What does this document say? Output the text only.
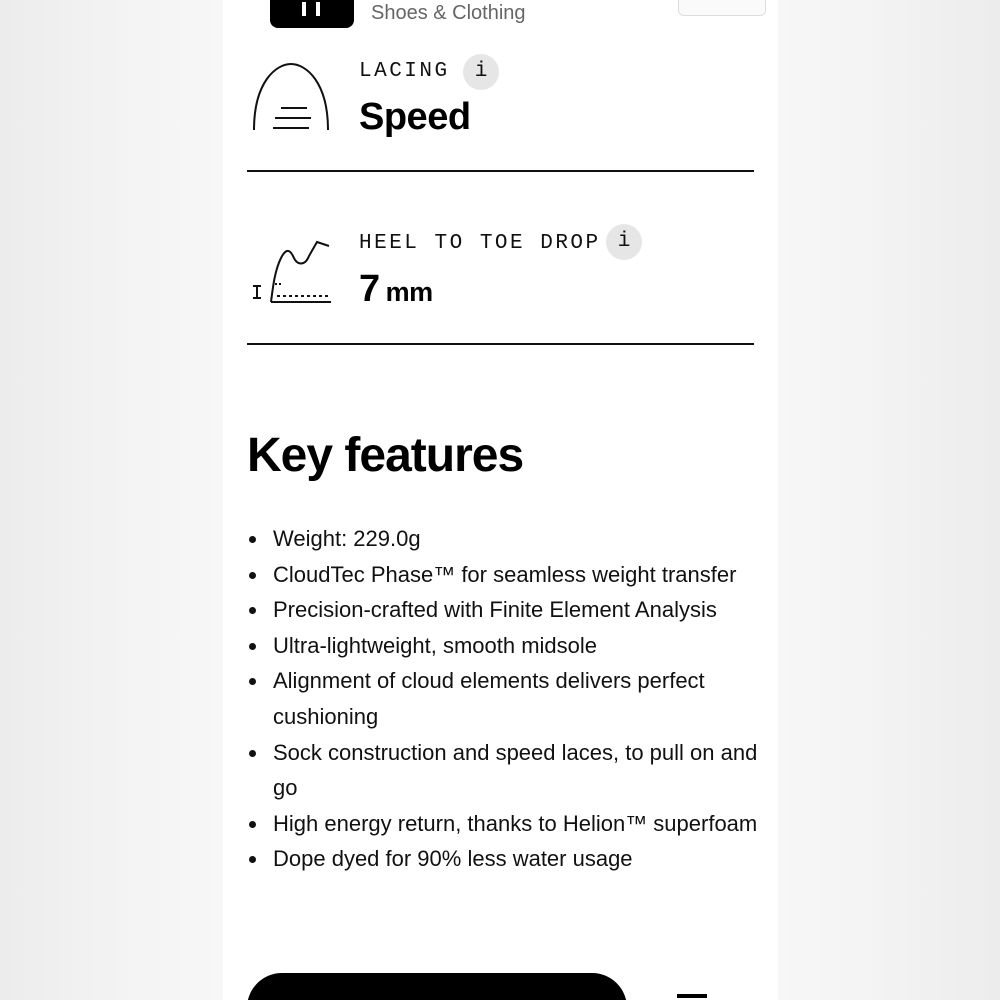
Shoes & Clothing
LACING	i
Speed
HEEL TO TOE DROP i
7 mm
Key features
Weight: 229.0g
CloudTec Phase™ for seamless weight transfer
Precision-crafted with Finite Element Analysis
Ultra-lightweight, smooth midsole
Alignment of cloud elements delivers perfect cushioning
Sock construction and speed laces, to pull on and go
High energy return, thanks to Helion™ superfoam
Dope dyed for 90% less water usage
